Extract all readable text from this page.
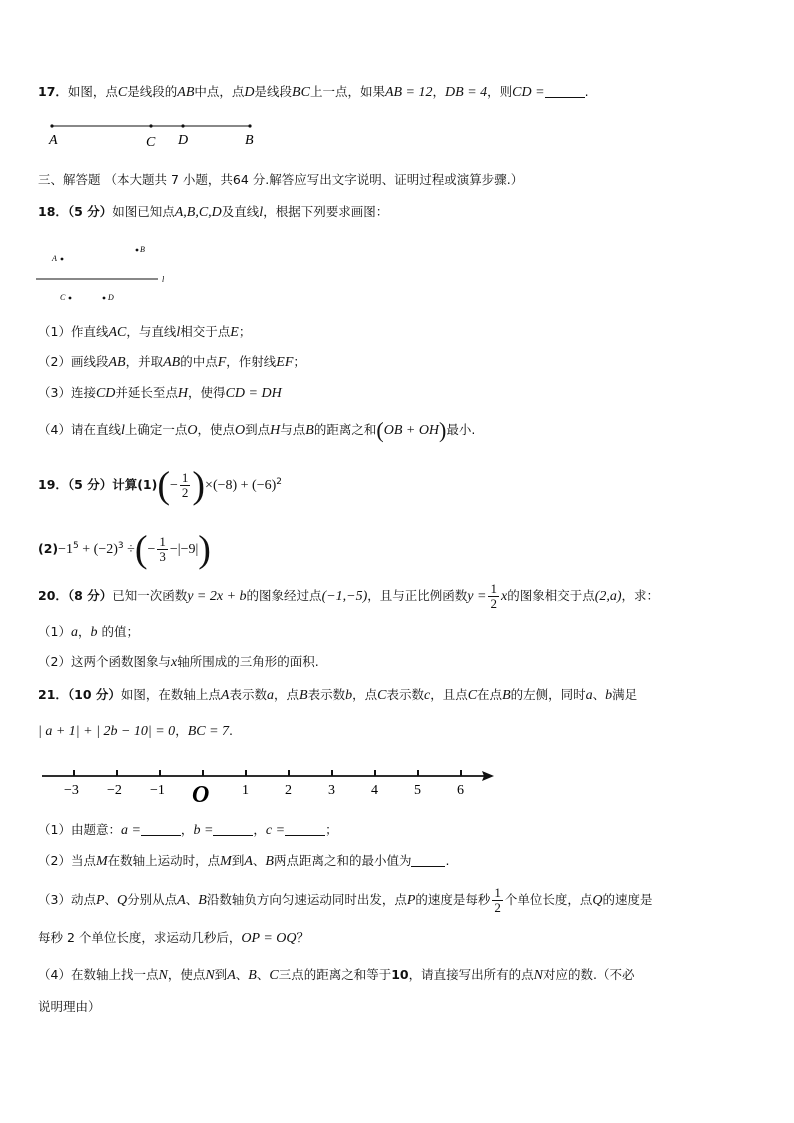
17．如图，点C是线段的AB中点，点D是线段BC上一点，如果AB = 12，DB = 4，则CD =	.
A	C D	B
三、解答题 （本大题共 7 小题，共64 分.解答应写出文字说明、证明过程或演算步骤.）
18．（5 分）如图已知点A,B,C,D及直线l，根据下列要求画图：
A
B
l
C	D
（1）作直线AC，与直线l相交于点E；
（2）画线段AB，并取AB的中点F，作射线EF；
（3）连接CD并延长至点H，使得CD = DH
（4）请在直线l上确定一点O，使点O到点H与点B的距离之和(OB + OH)最小.
19．（5 分）计算$(1)(- \frac{1}{2} )\times(-8) + (-6)^2$
$(2)-1^5 + (-2)^3$ ÷(− $\frac{1}{3} -|-9|$)
20．（8 分）已知一次函数y = 2x + b的图象经过点(−1,−5)，且与正比例函数$y = \frac{1}{2}$ x的图象相交于点(2,a)，求：
（1）a，b 的值；
（2）这两个函数图象与x轴所围成的三角形的面积.
21．（10 分）如图，在数轴上点A表示数a，点B表示数b，点C表示数c，且点C在点B的左侧，同时a、b满足
| a + 1| + | 2b − 10| = 0，BC = 7.
−3 −2 −1	1	2	3	4	5	6
O
（1）由题意：a =	，b =	，c =	；
（2）当点M在数轴上运动时，点M到A、B两点距离之和的最小值为	.
（3）动点P、Q分别从点A、B沿数轴负方向匀速运动同时出发，点P的速度是每秒 $\frac{1}{2}$ 个单位长度，点Q的速度是
每秒 2 个单位长度，求运动几秒后，OP = OQ？
（4）在数轴上找一点N，使点N到A、B、C三点的距离之和等于10，请直接写出所有的点N对应的数.（不必
说明理由）
